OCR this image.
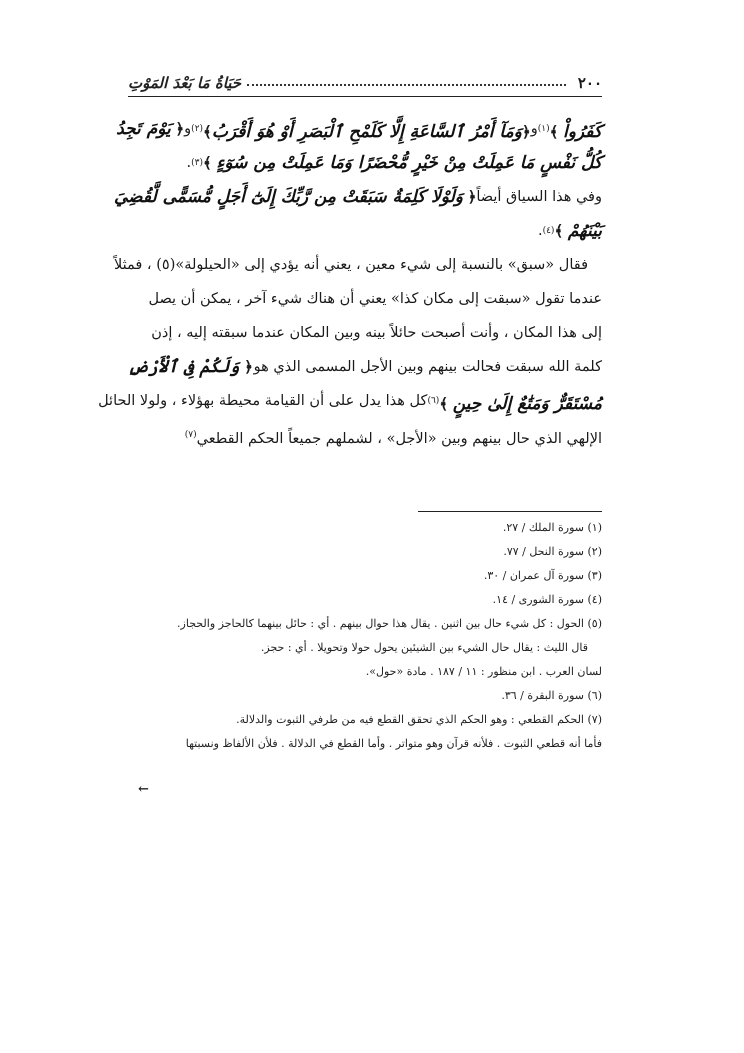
٢٠٠
حَيَاةُ مَا بَعْدَ المَوْتِ
كَفَرُواْ ﴾$^{(١)}$
و
﴿وَمَآ أَمْرُ ٱلسَّاعَةِ إِلَّا كَلَمْحِ ٱلْبَصَرِ أَوْ هُوَ أَقْرَبُ﴾$^{(٢)}$
و
﴿ يَوْمَ تَجِدُ
كُلُّ نَفْسٍ مَا عَمِلَتْ مِنْ خَيْرٍ مُّحْضَرًا وَمَا عَمِلَتْ مِن سُوٓءٍ

﴾
(٣)
.
وفي هذا السياق أيضاً
﴿ وَلَوْلَا كَلِمَةٌ سَبَقَتْ مِن رَّبِّكَ إِلَىٰٓ أَجَلٍ مُّسَمًّى لَّقُضِيَ
بَيْنَهُمْ

﴾
(٤)
.
فقال «سبق» بالنسبة إلى شيء معين ، يعني أنه يؤدي إلى «الحيلولة»(٥) ، فمثلاً
عندما تقول «سبقت إلى مكان كذا» يعني أن هناك شيء آخر ، يمكن أن يصل
إلى هذا المكان ، وأنت أصبحت حائلاً بينه وبين المكان عندما سبقته إليه ، إذن
كلمة الله سبقت فحالت بينهم وبين الأجل المسمى الذي هو
﴿ وَلَكُمْ فِى ٱلْأَرْضِ
مُسْتَقَرٌّ وَمَتَٰعٌ إِلَىٰ حِينٍ ﴾$^{(٦)}$
كل هذا يدل على أن القيامة محيطة بهؤلاء ، ولولا الحائل
الإلهي الذي حال بينهم وبين «الأجل» ، لشملهم جميعاً الحكم القطعي$^{(٧)}$
(١) سورة الملك / ٢٧.
(٢) سورة النحل / ٧٧.
(٣) سورة آل عمران / ٣٠.
(٤) سورة الشورى / ١٤.
(٥) الحول : كل شيء حال بين اثنين . يقال هذا حوال بينهم . أي : حائل بينهما كالحاجز والحجاز.
قال الليث : يقال حال الشيء بين الشيئين يحول حولا وتحويلا . أي : حجز.
لسان العرب . ابن منظور : ١١ / ١٨٧ . مادة «حول».
(٦) سورة البقرة / ٣٦.
(٧) الحكم القطعي : وهو الحكم الذي تحقق القطع فيه من طرفي الثبوت والدلالة.
فأما أنه قطعي الثبوت . فلأنه قرآن وهو متواتر . وأما القطع في الدلالة . فلأن الألفاظ ونسبتها
←
